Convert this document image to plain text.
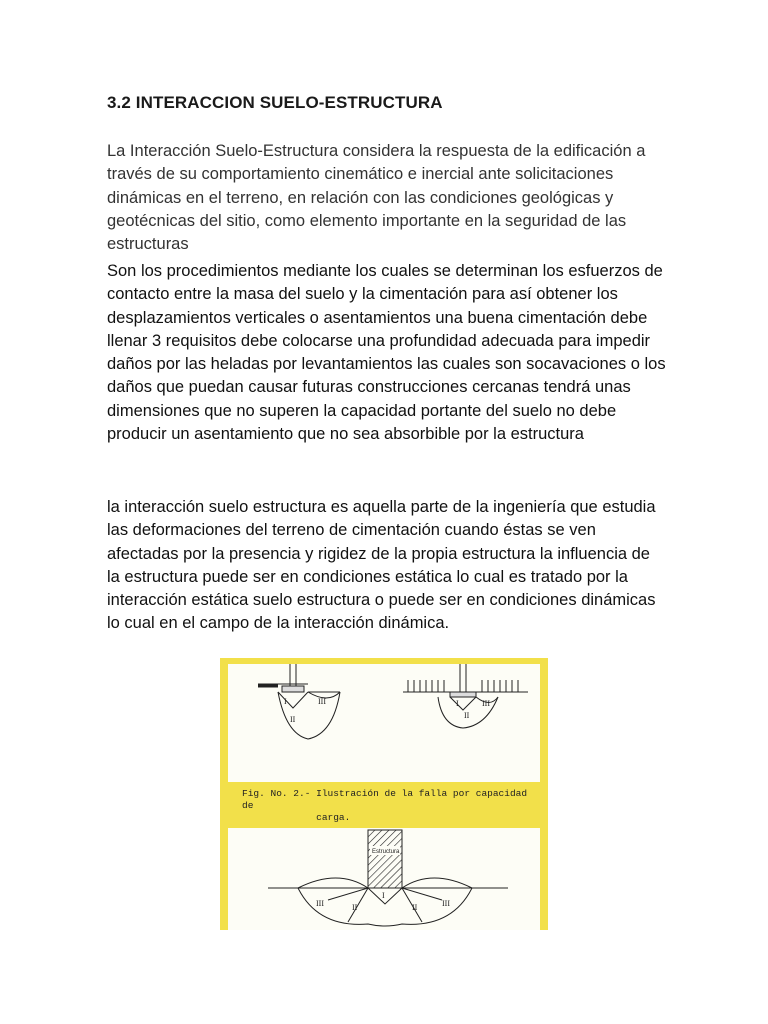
3.2 INTERACCION SUELO-ESTRUCTURA

La Interacción Suelo-Estructura considera la respuesta de la edificación a través de su comportamiento cinemático e inercial ante solicitaciones dinámicas en el terreno, en relación con las condiciones geológicas y geotécnicas del sitio, como elemento importante en la seguridad de las estructuras

Son los procedimientos mediante los cuales se determinan los esfuerzos de contacto entre la masa del suelo y la cimentación para así obtener los desplazamientos verticales o asentamientos una buena cimentación debe llenar 3 requisitos debe colocarse una profundidad adecuada para impedir daños por las heladas por levantamientos las cuales son socavaciones o los daños que puedan causar futuras construcciones cercanas tendrá unas dimensiones que no superen la capacidad portante del suelo no debe producir un asentamiento que no sea absorbible por la estructura

la interacción suelo estructura es aquella parte de la ingeniería que estudia las deformaciones del terreno de cimentación cuando éstas se ven afectadas por la presencia y rigidez de la propia estructura la influencia de la estructura puede ser en condiciones estática lo cual es tratado por la interacción estática suelo estructura o puede ser en condiciones dinámicas lo cual en el campo de la interacción dinámica.

I
II
III	I
II
III

Fig. No. 2.- Ilustración de la falla por capacidad de
carga.

Estructura
I
II	II
III	III
